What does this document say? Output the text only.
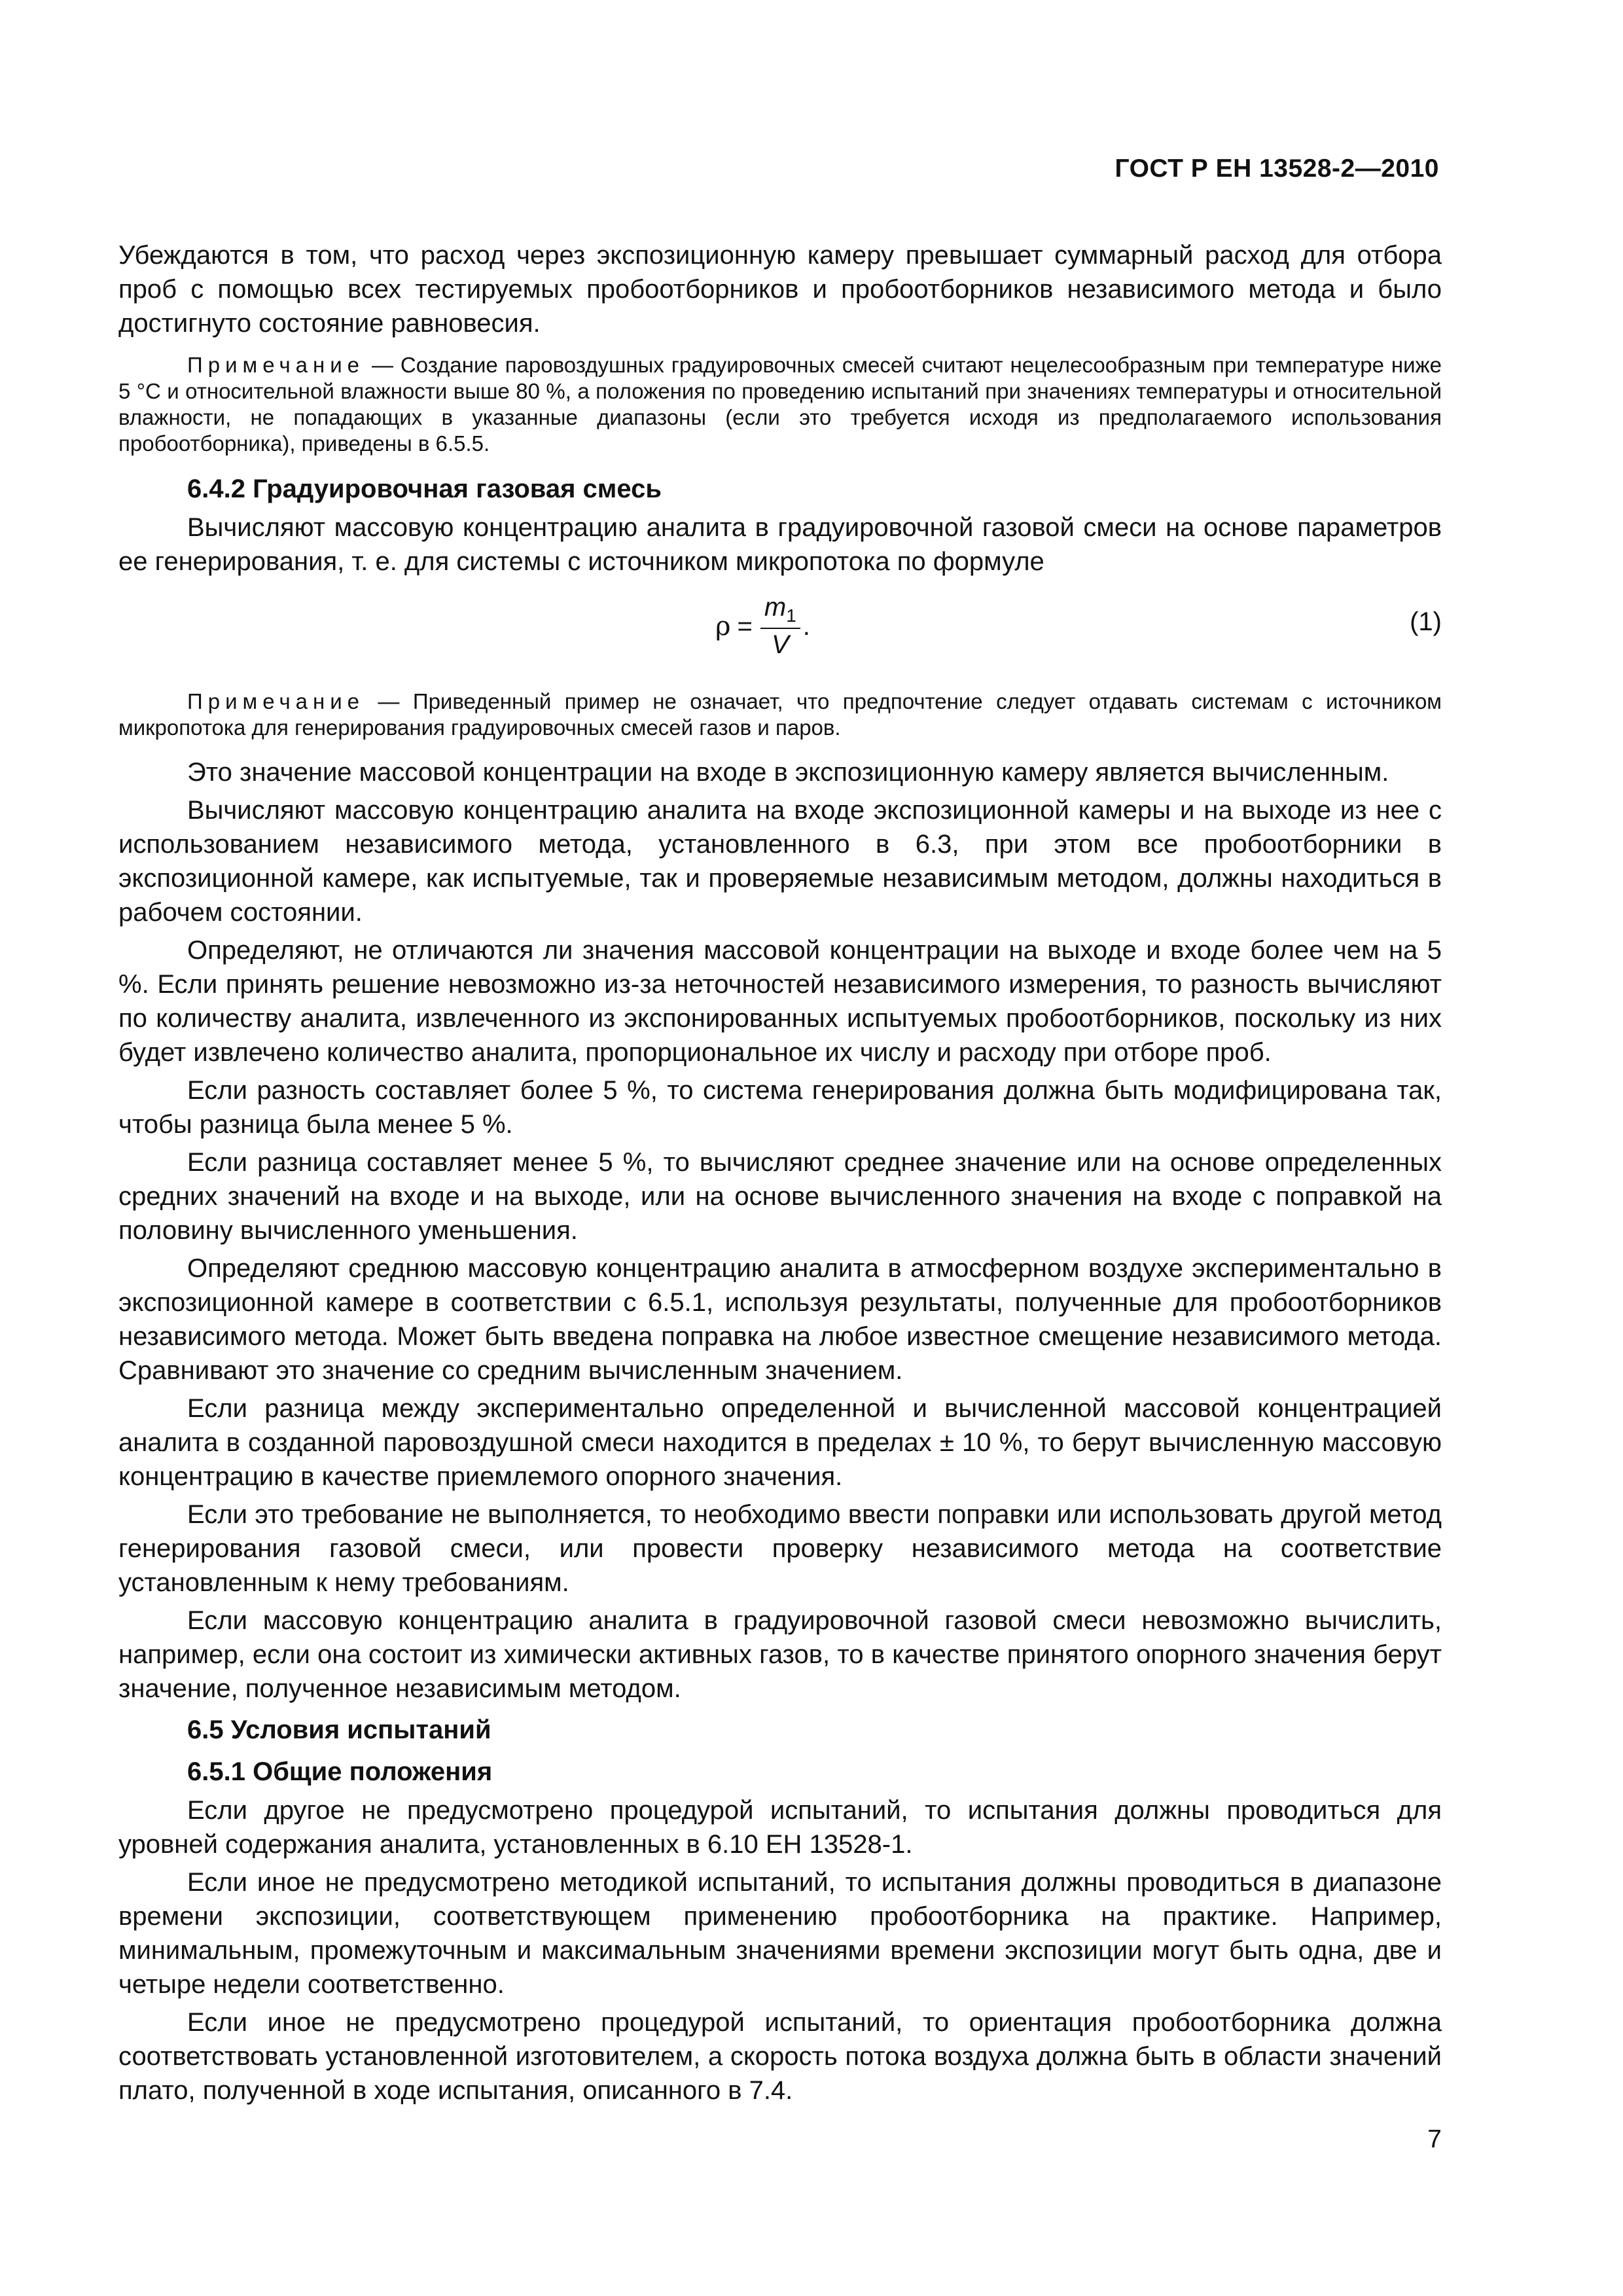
ГОСТ Р ЕН 13528-2—2010

Убеждаются в том, что расход через экспозиционную камеру превышает суммарный расход для отбора проб с помощью всех тестируемых пробоотборников и пробоотборников независимого метода и было достигнуто состояние равновесия.

Примечание — Создание паровоздушных градуировочных смесей считают нецелесообразным при температуре ниже 5 °С и относительной влажности выше 80 %, а положения по проведению испытаний при значениях температуры и относительной влажности, не попадающих в указанные диапазоны (если это требуется исходя из предполагаемого использования пробоотборника), приведены в 6.5.5.

6.4.2 Градуировочная газовая смесь

Вычисляют массовую концентрацию аналита в градуировочной газовой смеси на основе параметров ее генерирования, т. е. для системы с источником микропотока по формуле

$\rho = \frac{m_1}{V}$ .	(1)

Примечание — Приведенный пример не означает, что предпочтение следует отдавать системам с источником микропотока для генерирования градуировочных смесей газов и паров.

Это значение массовой концентрации на входе в экспозиционную камеру является вычисленным.

Вычисляют массовую концентрацию аналита на входе экспозиционной камеры и на выходе из нее с использованием независимого метода, установленного в 6.3, при этом все пробоотборники в экспозиционной камере, как испытуемые, так и проверяемые независимым методом, должны находиться в рабочем состоянии.

Определяют, не отличаются ли значения массовой концентрации на выходе и входе более чем на 5 %. Если принять решение невозможно из-за неточностей независимого измерения, то разность вычисляют по количеству аналита, извлеченного из экспонированных испытуемых пробоотборников, поскольку из них будет извлечено количество аналита, пропорциональное их числу и расходу при отборе проб.

Если разность составляет более 5 %, то система генерирования должна быть модифицирована так, чтобы разница была менее 5 %.

Если разница составляет менее 5 %, то вычисляют среднее значение или на основе определенных средних значений на входе и на выходе, или на основе вычисленного значения на входе с поправкой на половину вычисленного уменьшения.

Определяют среднюю массовую концентрацию аналита в атмосферном воздухе экспериментально в экспозиционной камере в соответствии с 6.5.1, используя результаты, полученные для пробоотборников независимого метода. Может быть введена поправка на любое известное смещение независимого метода. Сравнивают это значение со средним вычисленным значением.

Если разница между экспериментально определенной и вычисленной массовой концентрацией аналита в созданной паровоздушной смеси находится в пределах ± 10 %, то берут вычисленную массовую концентрацию в качестве приемлемого опорного значения.

Если это требование не выполняется, то необходимо ввести поправки или использовать другой метод генерирования газовой смеси, или провести проверку независимого метода на соответствие установленным к нему требованиям.

Если массовую концентрацию аналита в градуировочной газовой смеси невозможно вычислить, например, если она состоит из химически активных газов, то в качестве принятого опорного значения берут значение, полученное независимым методом.

6.5 Условия испытаний
6.5.1 Общие положения

Если другое не предусмотрено процедурой испытаний, то испытания должны проводиться для уровней содержания аналита, установленных в 6.10 ЕН 13528-1.

Если иное не предусмотрено методикой испытаний, то испытания должны проводиться в диапазоне времени экспозиции, соответствующем применению пробоотборника на практике. Например, минимальным, промежуточным и максимальным значениями времени экспозиции могут быть одна, две и четыре недели соответственно.

Если иное не предусмотрено процедурой испытаний, то ориентация пробоотборника должна соответствовать установленной изготовителем, а скорость потока воздуха должна быть в области значений плато, полученной в ходе испытания, описанного в 7.4.

7
